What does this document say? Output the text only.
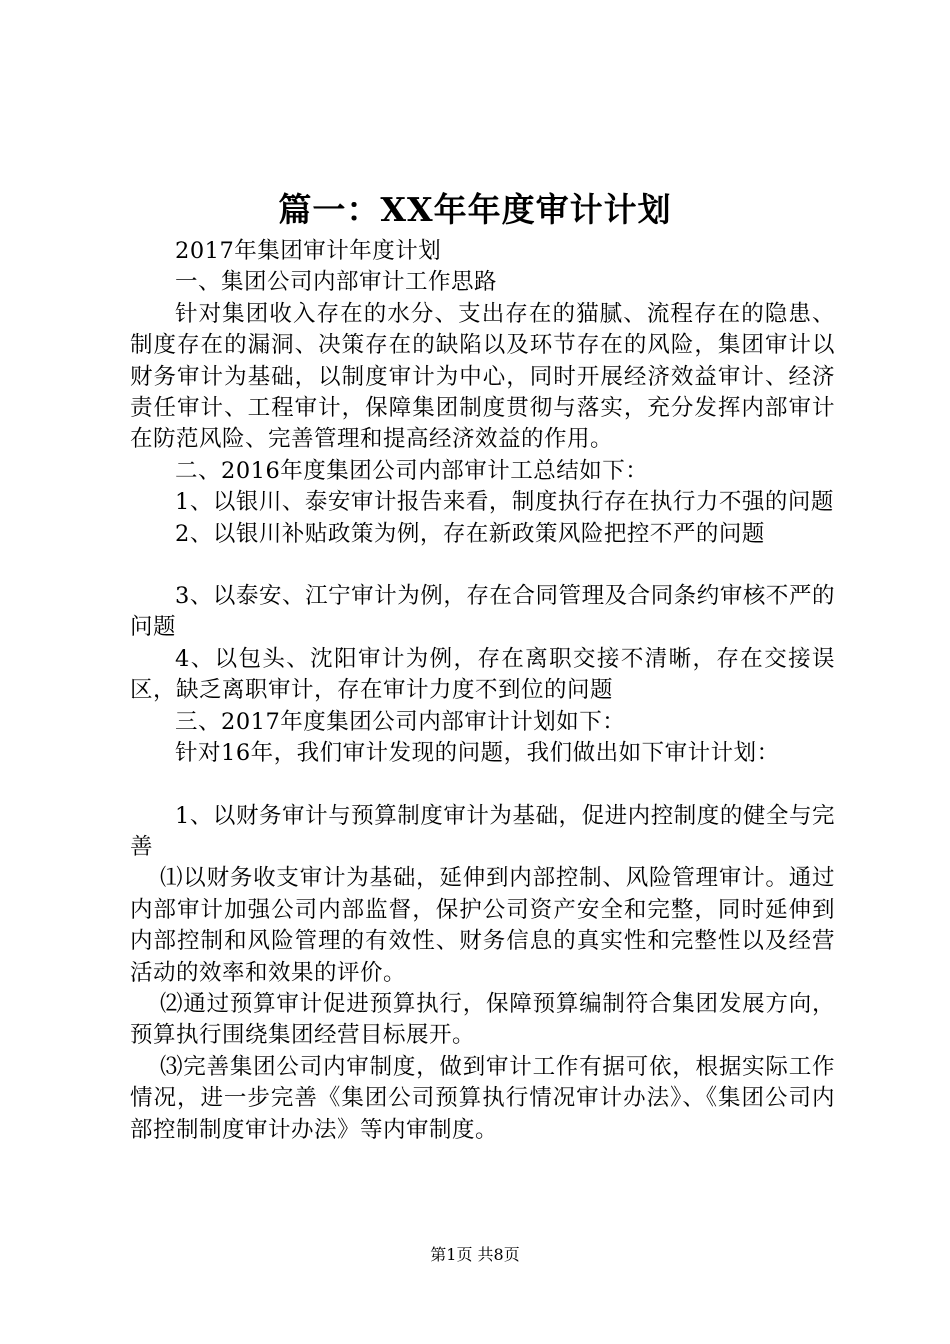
篇一：XX年年度审计计划

2017年集团审计年度计划

一、集团公司内部审计工作思路

针对集团收入存在的水分、支出存在的猫腻、流程存在的隐患、制度存在的漏洞、决策存在的缺陷以及环节存在的风险，集团审计以财务审计为基础，以制度审计为中心，同时开展经济效益审计、经济责任审计、工程审计，保障集团制度贯彻与落实，充分发挥内部审计在防范风险、完善管理和提高经济效益的作用。

二、2016年度集团公司内部审计工总结如下：

1、以银川、泰安审计报告来看，制度执行存在执行力不强的问题

2、以银川补贴政策为例，存在新政策风险把控不严的问题

3、以泰安、江宁审计为例，存在合同管理及合同条约审核不严的问题

4、以包头、沈阳审计为例，存在离职交接不清晰，存在交接误区，缺乏离职审计，存在审计力度不到位的问题

三、2017年度集团公司内部审计计划如下：

针对16年，我们审计发现的问题，我们做出如下审计计划：

1、以财务审计与预算制度审计为基础，促进内控制度的健全与完善

⑴以财务收支审计为基础，延伸到内部控制、风险管理审计。通过内部审计加强公司内部监督，保护公司资产安全和完整，同时延伸到内部控制和风险管理的有效性、财务信息的真实性和完整性以及经营活动的效率和效果的评价。

⑵通过预算审计促进预算执行，保障预算编制符合集团发展方向，预算执行围绕集团经营目标展开。

⑶完善集团公司内审制度，做到审计工作有据可依，根据实际工作情况，进一步完善《集团公司预算执行情况审计办法》、《集团公司内部控制制度审计办法》等内审制度。

第1页 共8页
